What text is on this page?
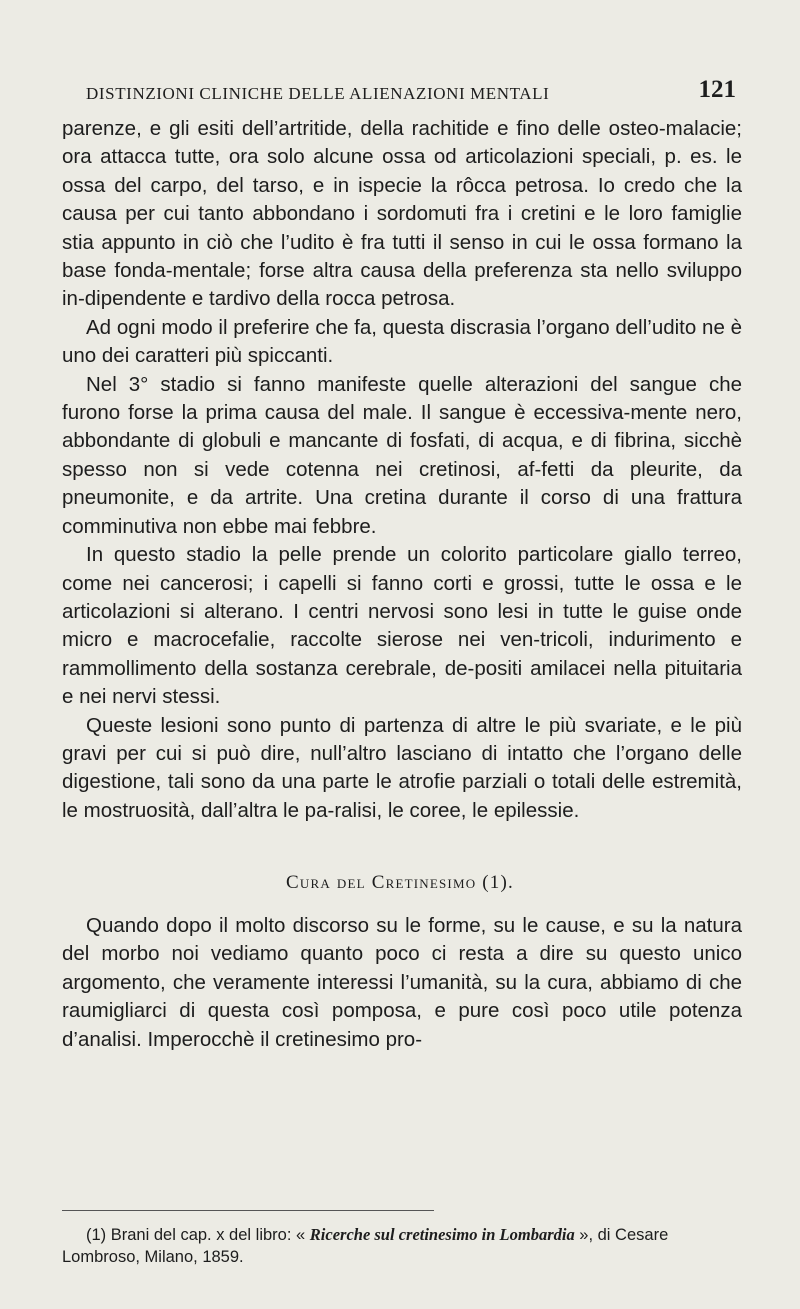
DISTINZIONI CLINICHE DELLE ALIENAZIONI MENTALI	121

parenze, e gli esiti dell’artritide, della rachitide e fino delle osteo-malacie; ora attacca tutte, ora solo alcune ossa od articolazioni speciali, p. es. le ossa del carpo, del tarso, e in ispecie la rôcca petrosa. Io credo che la causa per cui tanto abbondano i sordomuti fra i cretini e le loro famiglie stia appunto in ciò che l’udito è fra tutti il senso in cui le ossa formano la base fonda-mentale; forse altra causa della preferenza sta nello sviluppo in-dipendente e tardivo della rocca petrosa.

Ad ogni modo il preferire che fa, questa discrasia l’organo dell’udito ne è uno dei caratteri più spiccanti.

Nel 3° stadio si fanno manifeste quelle alterazioni del sangue che furono forse la prima causa del male. Il sangue è eccessiva-mente nero, abbondante di globuli e mancante di fosfati, di acqua, e di fibrina, sicchè spesso non si vede cotenna nei cretinosi, af-fetti da pleurite, da pneumonite, e da artrite. Una cretina durante il corso di una frattura comminutiva non ebbe mai febbre.

In questo stadio la pelle prende un colorito particolare giallo terreo, come nei cancerosi; i capelli si fanno corti e grossi, tutte le ossa e le articolazioni si alterano. I centri nervosi sono lesi in tutte le guise onde micro e macrocefalie, raccolte sierose nei ven-tricoli, indurimento e rammollimento della sostanza cerebrale, de-positi amilacei nella pituitaria e nei nervi stessi.

Queste lesioni sono punto di partenza di altre le più svariate, e le più gravi per cui si può dire, null’altro lasciano di intatto che l’organo delle digestione, tali sono da una parte le atrofie parziali o totali delle estremità, le mostruosità, dall’altra le pa-ralisi, le coree, le epilessie.

Cura del Cretinesimo (1).

Quando dopo il molto discorso su le forme, su le cause, e su la natura del morbo noi vediamo quanto poco ci resta a dire su questo unico argomento, che veramente interessi l’umanità, su la cura, abbiamo di che raumigliarci di questa così pomposa, e pure così poco utile potenza d’analisi. Imperocchè il cretinesimo pro-

(1) Brani del cap. x del libro: « Ricerche sul cretinesimo in Lombardia », di Cesare Lombroso, Milano, 1859.
